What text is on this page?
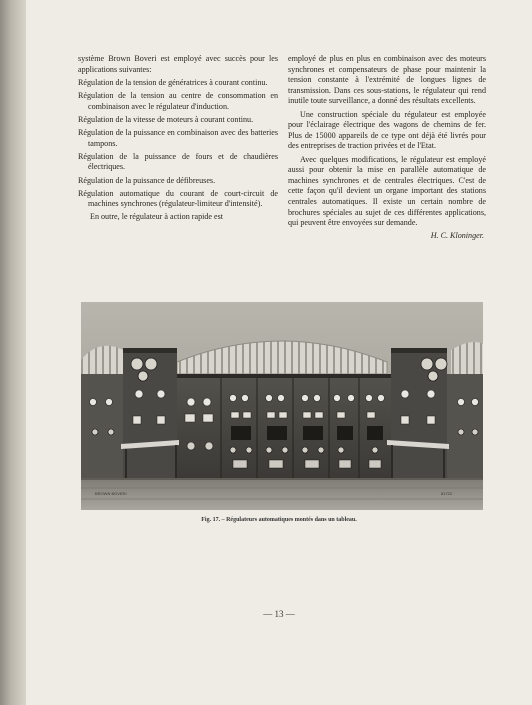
système Brown Boveri est employé avec succès pour les applications suivantes:

Régulation de la tension de génératrices à courant continu.

Régulation de la tension au centre de consommation en combinaison avec le régulateur d'induction.

Régulation de la vitesse de moteurs à courant continu.

Régulation de la puissance en combinaison avec des batteries tampons.

Régulation de la puissance de fours et de chaudières électriques.

Régulation de la puissance de défibreuses.

Régulation automatique du courant de court-circuit de machines synchrones (régulateur-limiteur d'intensité).

En outre, le régulateur à action rapide est

employé de plus en plus en combinaison avec des moteurs synchrones et compensateurs de phase pour maintenir la tension constante à l'extrémité de longues lignes de transmission. Dans ces sous-stations, le régulateur qui rend inutile toute surveillance, a donné des résultats excellents.

Une construction spéciale du régulateur est employée pour l'éclairage électrique des wagons de chemins de fer. Plus de 15000 appareils de ce type ont déjà été livrés pour des entreprises de traction privées et de l'Etat.

Avec quelques modifications, le régulateur est employé aussi pour obtenir la mise en parallèle automatique de machines synchrones et de centrales électriques. C'est de cette façon qu'il devient un organe important des stations centrales automatiques. Il existe un certain nombre de brochures spéciales au sujet de ces différentes applications, qui peuvent être envoyées sur demande.

H. C. Kloninger.

BROWN BOVERI	81722
Fig. 17. – Régulateurs automatiques montés dans un tableau.
— 13 —
